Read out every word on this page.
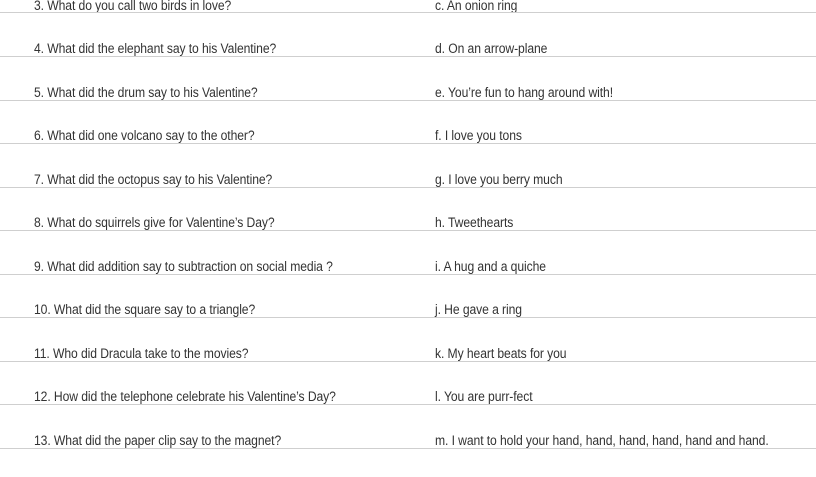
3. What do you call two birds in love?	c. An onion ring
4. What did the elephant say to his Valentine?	d. On an arrow-plane
5. What did the drum say to his Valentine?	e. You’re fun to hang around with!
6. What did one volcano say to the other?	f. I love you tons
7. What did the octopus say to his Valentine?	g. I love you berry much
8. What do squirrels give for Valentine’s Day?	h. Tweethearts
9. What did addition say to subtraction on social media ?	i. A hug and a quiche
10. What did the square say to a triangle?	j. He gave a ring
11. Who did Dracula take to the movies?	k. My heart beats for you
12. How did the telephone celebrate his Valentine’s Day?	l. You are purr-fect
13. What did the paper clip say to the magnet?	m. I want to hold your hand, hand, hand, hand, hand and hand.
